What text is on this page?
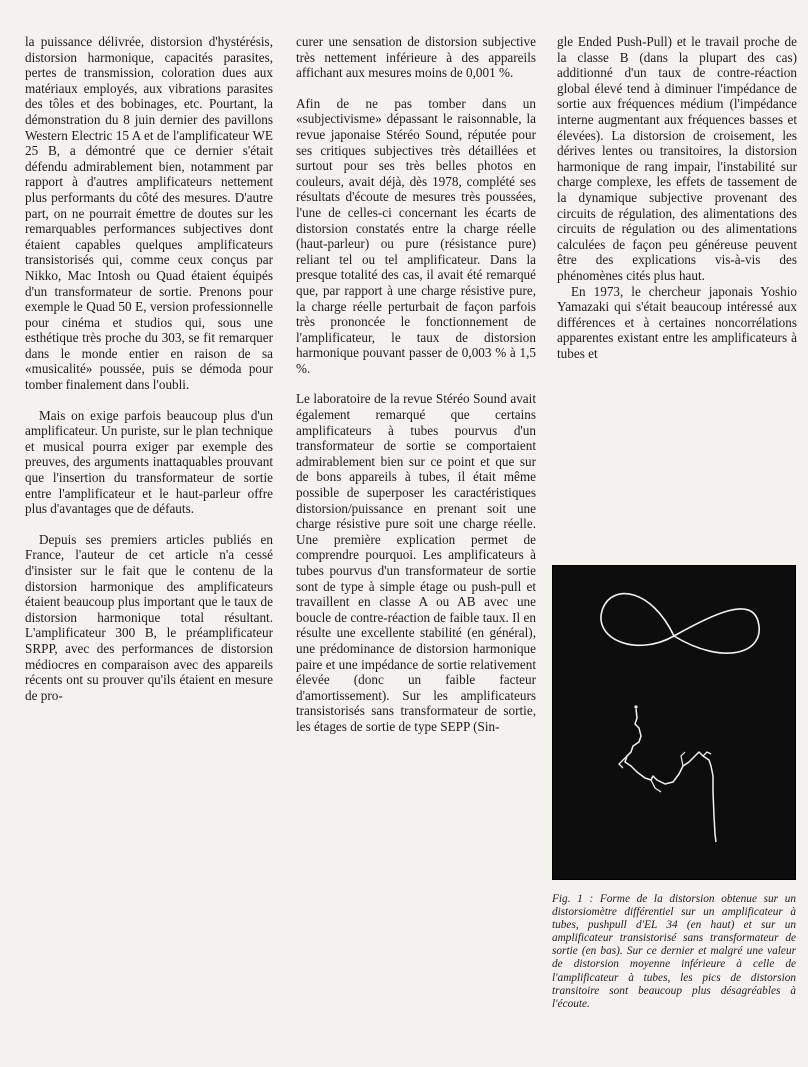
la puissance délivrée, distorsion d'hystérésis, distorsion harmonique, capacités parasites, pertes de transmission, coloration dues aux matériaux employés, aux vibrations parasites des tôles et des bobinages, etc. Pourtant, la démonstration du 8 juin dernier des pavillons Western Electric 15 A et de l'amplificateur WE 25 B, a démontré que ce dernier s'était défendu admirablement bien, notamment par rapport à d'autres amplificateurs nettement plus performants du côté des mesures. D'autre part, on ne pourrait émettre de doutes sur les remarquables performances subjectives dont étaient capables quelques amplificateurs transistorisés qui, comme ceux conçus par Nikko, Mac Intosh ou Quad étaient équipés d'un transformateur de sortie. Prenons pour exemple le Quad 50 E, version professionnelle pour cinéma et studios qui, sous une esthétique très proche du 303, se fit remarquer dans le monde entier en raison de sa «musicalité» poussée, puis se démoda pour tomber finalement dans l'oubli.

Mais on exige parfois beaucoup plus d'un amplificateur. Un puriste, sur le plan technique et musical pourra exiger par exemple des preuves, des arguments inattaquables prouvant que l'insertion du transformateur de sortie entre l'amplificateur et le haut-parleur offre plus d'avantages que de défauts.

Depuis ses premiers articles publiés en France, l'auteur de cet article n'a cessé d'insister sur le fait que le contenu de la distorsion harmonique des amplificateurs étaient beaucoup plus important que le taux de distorsion harmonique total résultant. L'amplificateur 300 B, le préamplificateur SRPP, avec des performances de distorsion médiocres en comparaison avec des appareils récents ont su prouver qu'ils étaient en mesure de pro-

curer une sensation de distorsion subjective très nettement inférieure à des appareils affichant aux mesures moins de 0,001 %.

Afin de ne pas tomber dans un «subjectivisme» dépassant le raisonnable, la revue japonaise Stéréo Sound, réputée pour ses critiques subjectives très détaillées et surtout pour ses très belles photos en couleurs, avait déjà, dès 1978, complété ses résultats d'écoute de mesures très poussées, l'une de celles-ci concernant les écarts de distorsion constatés entre la charge réelle (haut-parleur) ou pure (résistance pure) reliant tel ou tel amplificateur. Dans la presque totalité des cas, il avait été remarqué que, par rapport à une charge résistive pure, la charge réelle perturbait de façon parfois très prononcée le fonctionnement de l'amplificateur, le taux de distorsion harmonique pouvant passer de 0,003 % à 1,5 %.

Le laboratoire de la revue Stéréo Sound avait également remarqué que certains amplificateurs à tubes pourvus d'un transformateur de sortie se comportaient admirablement bien sur ce point et que sur de bons appareils à tubes, il était même possible de superposer les caractéristiques distorsion/puissance en prenant soit une charge résistive pure soit une charge réelle. Une première explication permet de comprendre pourquoi. Les amplificateurs à tubes pourvus d'un transformateur de sortie sont de type à simple étage ou push-pull et travaillent en classe A ou AB avec une boucle de contre-réaction de faible taux. Il en résulte une excellente stabilité (en général), une prédominance de distorsion harmonique paire et une impédance de sortie relativement élevée (donc un faible facteur d'amortissement). Sur les amplificateurs transistorisés sans transformateur de sortie, les étages de sortie de type SEPP (Sin-

gle Ended Push-Pull) et le travail proche de la classe B (dans la plupart des cas) additionné d'un taux de contre-réaction global élevé tend à diminuer l'impédance de sortie aux fréquences médium (l'impédance interne augmentant aux fréquences basses et élevées). La distorsion de croisement, les dérives lentes ou transitoires, la distorsion harmonique de rang impair, l'instabilité sur charge complexe, les effets de tassement de la dynamique subjective provenant des circuits de régulation, des alimentations des circuits de régulation ou des alimentations calculées de façon peu généreuse peuvent être des explications vis-à-vis des phénomènes cités plus haut.

En 1973, le chercheur japonais Yoshio Yamazaki qui s'était beaucoup intéressé aux différences et à certaines noncorrélations apparentes existant entre les amplificateurs à tubes et

Fig. 1 : Forme de la distorsion obtenue sur un distorsiomètre différentiel sur un amplificateur à tubes, pushpull d'EL 34 (en haut) et sur un amplificateur transistorisé sans transformateur de sortie (en bas). Sur ce dernier et malgré une valeur de distorsion moyenne inférieure à celle de l'amplificateur à tubes, les pics de distorsion transitoire sont beaucoup plus désagréables à l'écoute.
